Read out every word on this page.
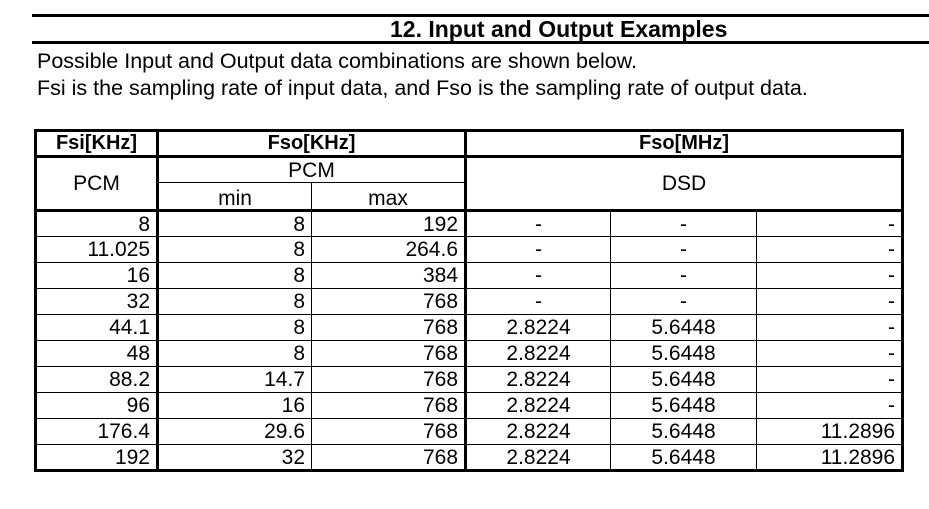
12. Input and Output Examples
Possible Input and Output data combinations are shown below.
Fsi is the sampling rate of input data, and Fso is the sampling rate of output data.
Fsi[KHz]	Fso[KHz]		Fso[MHz]		
PCM	PCM		DSD		
	min	max			
8	8	192	-	-	-
11.025	8	264.6	-	-	-
16	8	384	-	-	-
32	8	768	-	-	-
44.1	8	768	2.8224	5.6448	-
48	8	768	2.8224	5.6448	-
88.2	14.7	768	2.8224	5.6448	-
96	16	768	2.8224	5.6448	-
176.4	29.6	768	2.8224	5.6448	11.2896
192	32	768	2.8224	5.6448	11.2896
